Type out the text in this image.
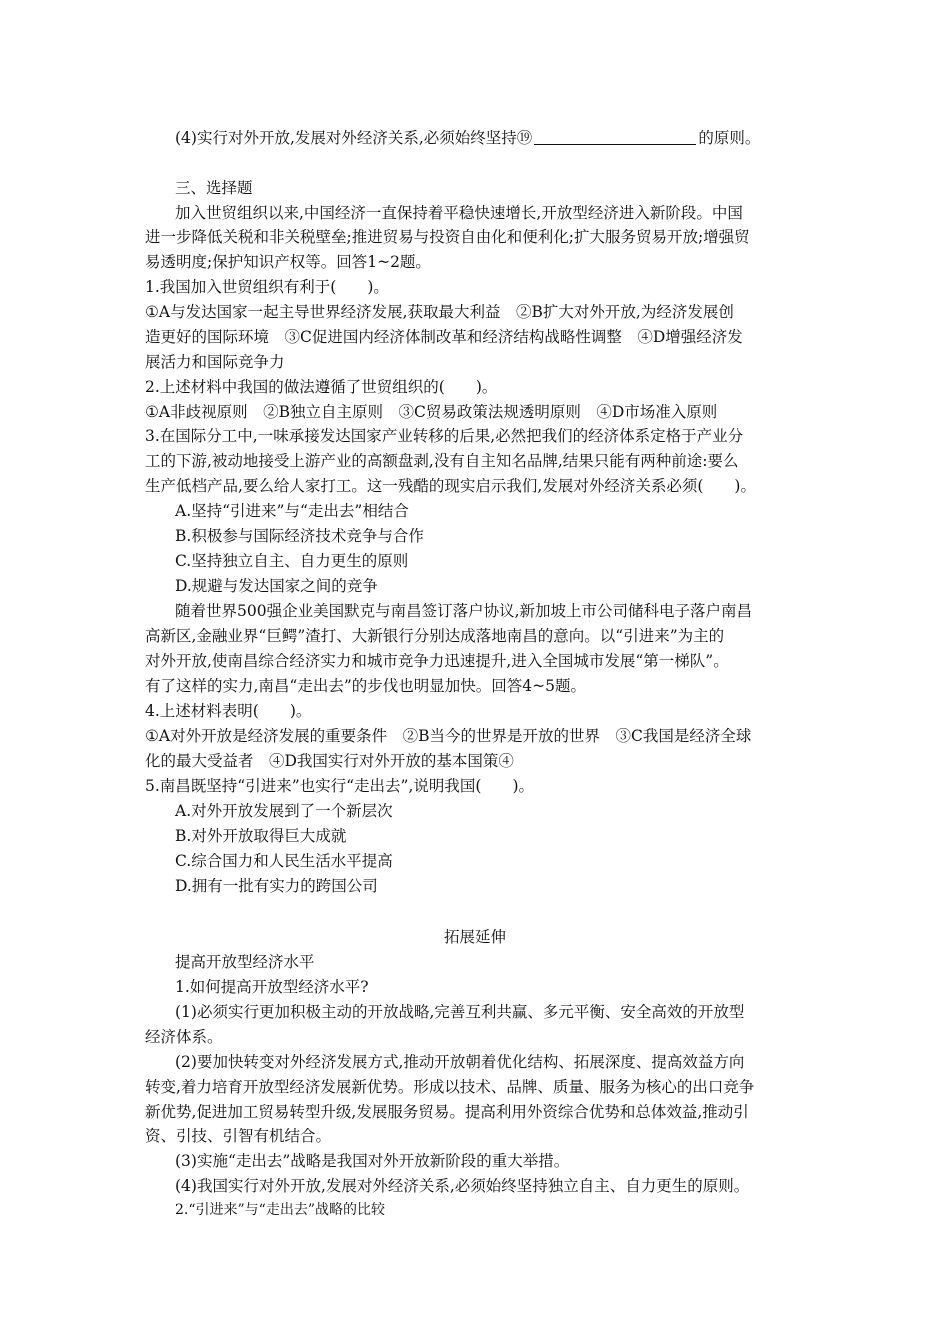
(4)实行对外开放,发展对外经济关系,必须始终坚持⑲	的原则。
三、选择题
加入世贸组织以来,中国经济一直保持着平稳快速增长,开放型经济进入新阶段。中国
进一步降低关税和非关税壁垒;推进贸易与投资自由化和便利化;扩大服务贸易开放;增强贸
易透明度;保护知识产权等。回答1~2题。
1.我国加入世贸组织有利于(　　)。
①A与发达国家一起主导世界经济发展,获取最大利益　②B扩大对外开放,为经济发展创
造更好的国际环境　③C促进国内经济体制改革和经济结构战略性调整　④D增强经济发
展活力和国际竞争力
2.上述材料中我国的做法遵循了世贸组织的(　　)。
①A非歧视原则　②B独立自主原则　③C贸易政策法规透明原则　④D市场准入原则
3.在国际分工中,一味承接发达国家产业转移的后果,必然把我们的经济体系定格于产业分
工的下游,被动地接受上游产业的高额盘剥,没有自主知名品牌,结果只能有两种前途:要么
生产低档产品,要么给人家打工。这一残酷的现实启示我们,发展对外经济关系必须(　　)。
A.坚持“引进来”与“走出去”相结合
B.积极参与国际经济技术竞争与合作
C.坚持独立自主、自力更生的原则
D.规避与发达国家之间的竞争
随着世界500强企业美国默克与南昌签订落户协议,新加坡上市公司储科电子落户南昌
高新区,金融业界“巨鳄”渣打、大新银行分别达成落地南昌的意向。以“引进来”为主的
对外开放,使南昌综合经济实力和城市竞争力迅速提升,进入全国城市发展“第一梯队”。
有了这样的实力,南昌“走出去”的步伐也明显加快。回答4~5题。
4.上述材料表明(　　)。
①A对外开放是经济发展的重要条件　②B当今的世界是开放的世界　③C我国是经济全球
化的最大受益者　④D我国实行对外开放的基本国策④
5.南昌既坚持“引进来”也实行“走出去”,说明我国(　　)。
A.对外开放发展到了一个新层次
B.对外开放取得巨大成就
C.综合国力和人民生活水平提高
D.拥有一批有实力的跨国公司
拓展延伸
提高开放型经济水平
1.如何提高开放型经济水平?
(1)必须实行更加积极主动的开放战略,完善互利共赢、多元平衡、安全高效的开放型
经济体系。
(2)要加快转变对外经济发展方式,推动开放朝着优化结构、拓展深度、提高效益方向
转变,着力培育开放型经济发展新优势。形成以技术、品牌、质量、服务为核心的出口竞争
新优势,促进加工贸易转型升级,发展服务贸易。提高利用外资综合优势和总体效益,推动引
资、引技、引智有机结合。
(3)实施“走出去”战略是我国对外开放新阶段的重大举措。
(4)我国实行对外开放,发展对外经济关系,必须始终坚持独立自主、自力更生的原则。
2.“引进来”与“走出去”战略的比较
